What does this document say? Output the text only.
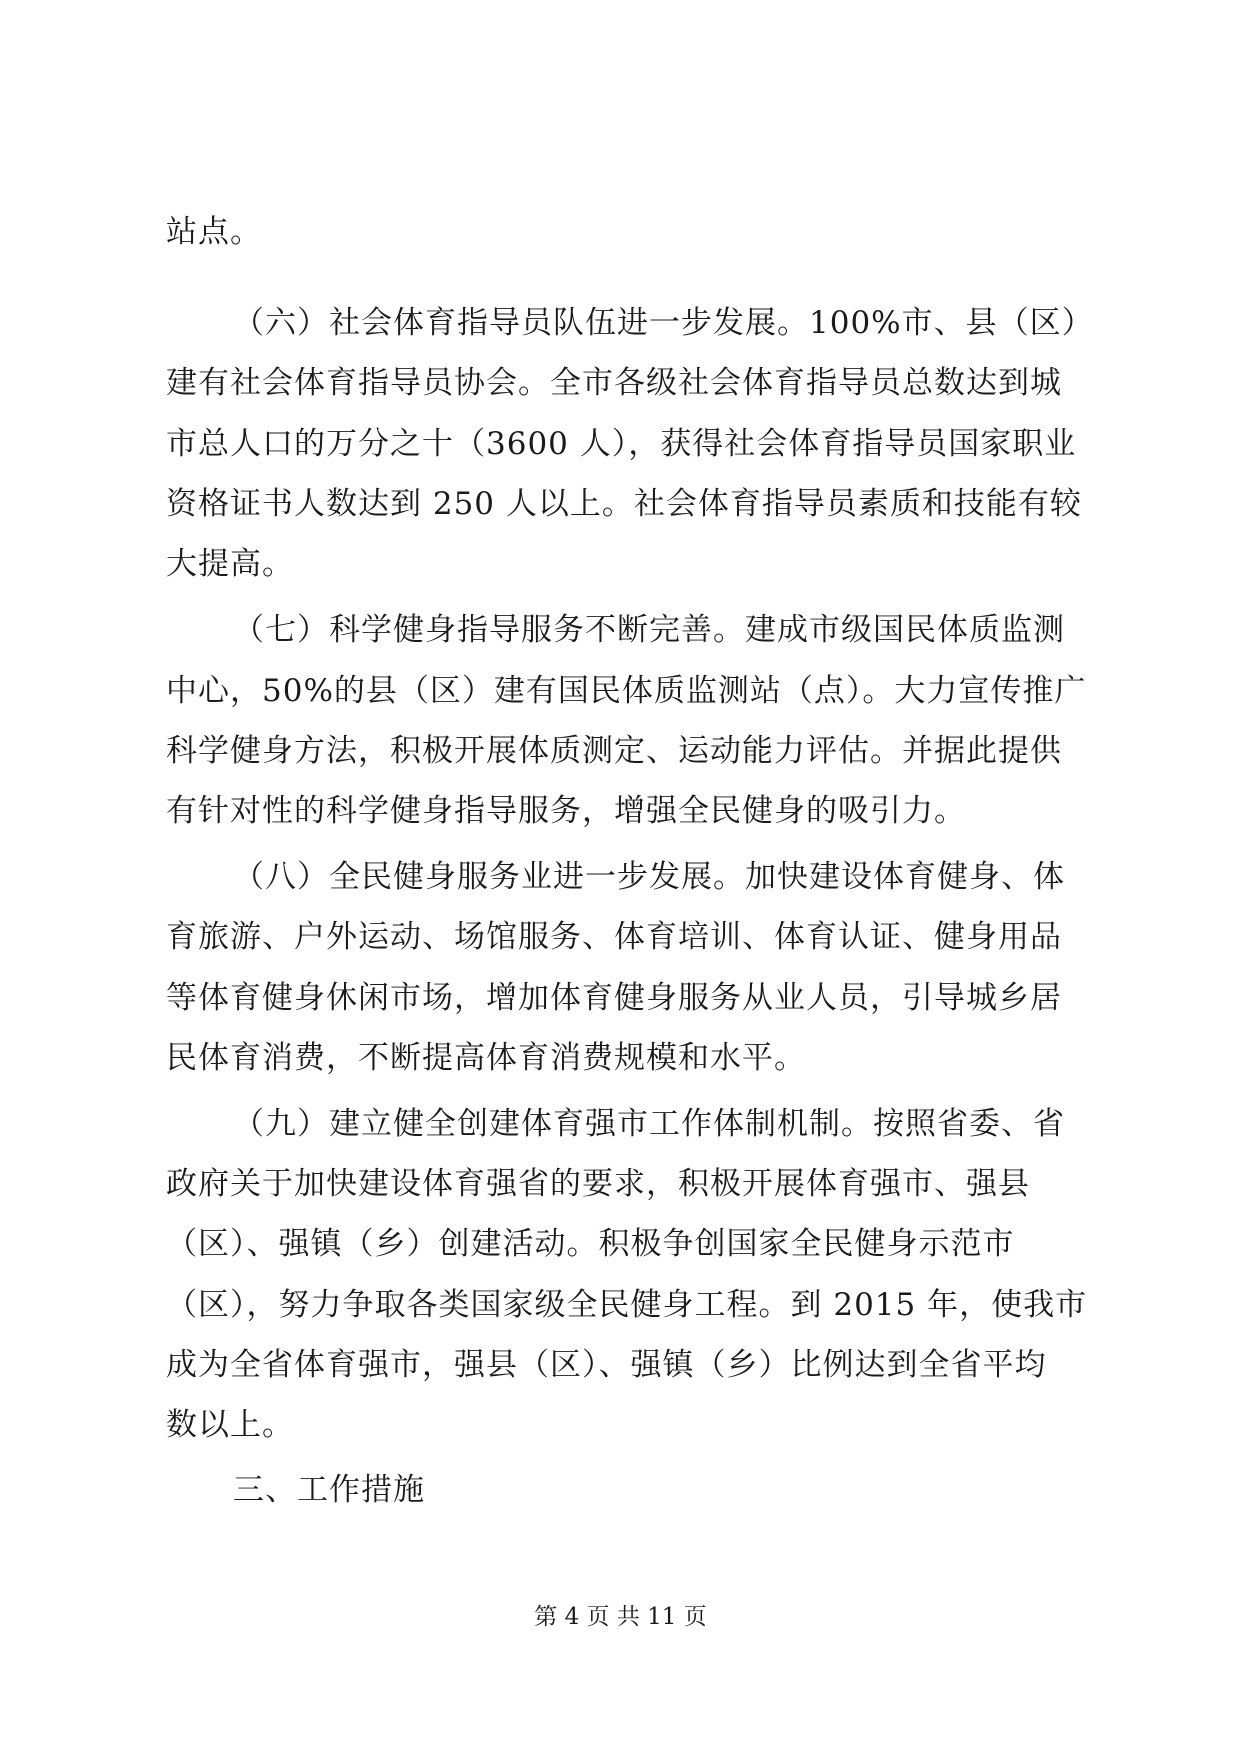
站点。
（六）社会体育指导员队伍进一步发展。100%市、县（区）
建有社会体育指导员协会。全市各级社会体育指导员总数达到城
市总人口的万分之十（3600 人），获得社会体育指导员国家职业
资格证书人数达到 250 人以上。社会体育指导员素质和技能有较
大提高。
（七）科学健身指导服务不断完善。建成市级国民体质监测
中心，50%的县（区）建有国民体质监测站（点）。大力宣传推广
科学健身方法，积极开展体质测定、运动能力评估。并据此提供
有针对性的科学健身指导服务，增强全民健身的吸引力。
（八）全民健身服务业进一步发展。加快建设体育健身、体
育旅游、户外运动、场馆服务、体育培训、体育认证、健身用品
等体育健身休闲市场，增加体育健身服务从业人员，引导城乡居
民体育消费，不断提高体育消费规模和水平。
（九）建立健全创建体育强市工作体制机制。按照省委、省
政府关于加快建设体育强省的要求，积极开展体育强市、强县
（区）、强镇（乡）创建活动。积极争创国家全民健身示范市
（区），努力争取各类国家级全民健身工程。到 2015 年，使我市
成为全省体育强市，强县（区）、强镇（乡）比例达到全省平均
数以上。
三、工作措施
第 4 页 共 11 页
